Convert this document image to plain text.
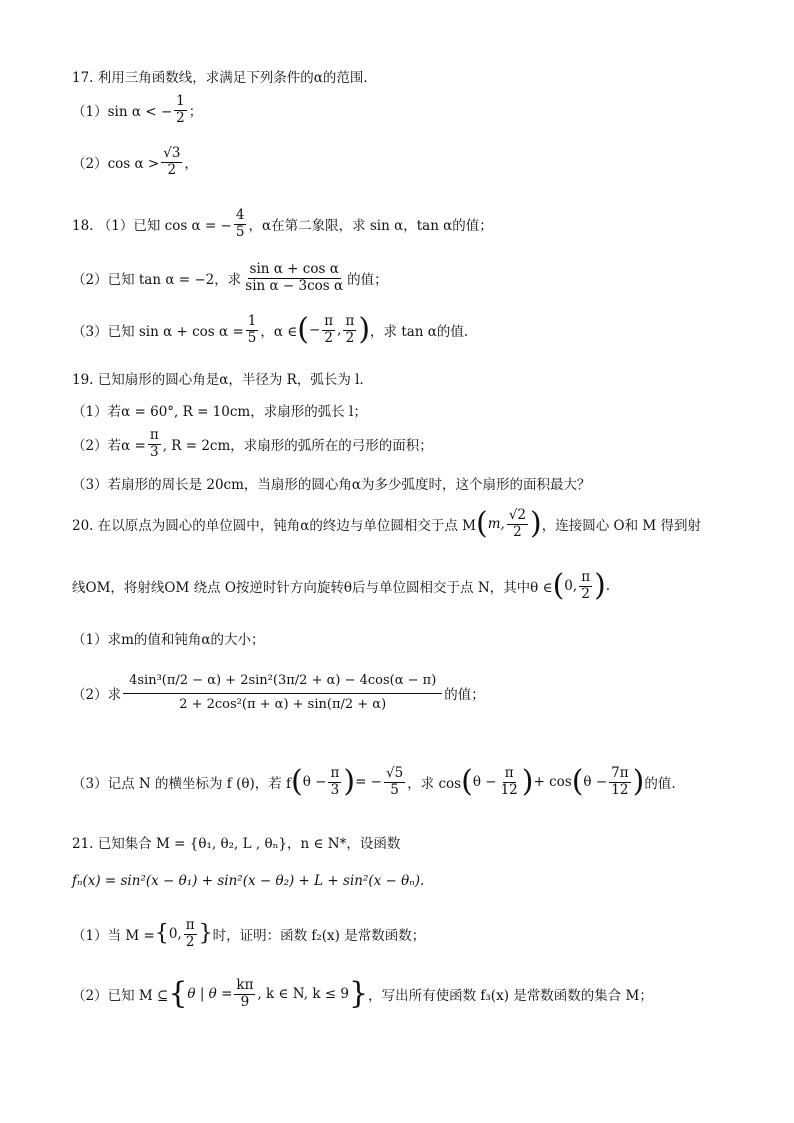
17. 利用三角函数线，求满足下列条件的α的范围．
（1）sin α < − $\frac{1}{2}$ ；
（2）cos $\alpha > \frac{√3}{2}$ ，
18. （1）已知 cos α = − $\frac{4}{5}$ ，α在第二象限，求 sin α，tan α的值；
（2）已知 tan α = −2，求 $\frac{\text{sin α + cos α}}{\text{sin α − 3cos α}}$ 的值；
（3）已知 $\sin \alpha + \cos \alpha = \frac{1}{5}$ ，α ∈ ( − $\frac{\pi}{2}$ , $\frac{\pi}{2}$ ) ，求 tan α的值.
19. 已知扇形的圆心角是α，半径为 R，弧长为 l．
（1）若α = 60°, R = 10cm，求扇形的弧长 l；
（2）若$\alpha = \frac{\pi}{3}$ , R = 2cm，求扇形的弧所在的弓形的面积；
（3）若扇形的周长是 20cm，当扇形的圆心角α为多少弧度时，这个扇形的面积最大？
20. 在以原点为圆心的单位圆中，钝角α的终边与单位圆相交于点 M ( m, $\frac{√2}{2}$ ) ，连接圆心 O和 M 得到射
线OM，将射线OM 绕点 O按逆时针方向旋转θ后与单位圆相交于点 N，其中θ ∈ ( 0, $\frac{\pi}{2}$ ) .
（1）求m的值和钝角α的大小；
（2）求 $\frac{\text{4sin³(π/2 − α) + 2sin²(3π/2 + α) − 4cos(α − π)}}{\text{2 + 2cos²(π + α) + sin(π/2 + α)}}$ 的值；
（3）记点 N 的横坐标为 f (θ)，若 f ( $\theta - \frac{\pi}{3}$ ) = − $\frac{√5}{5}$ ，求 cos ( $\theta - \frac{\pi}{12}$ ) + cos ( $\theta - \frac{7\pi}{12}$ ) 的值.
21. 已知集合 M = {θ₁, θ₂, L , θₙ}，n ∈ N*，设函数
fₙ(x) = sin²(x − θ₁) + sin²(x − θ₂) + L + sin²(x − θₙ).
（1）当 M = { 0, $\frac{\pi}{2}$ } 时，证明：函数 f₂(x) 是常数函数；
（2）已知 M ⊆ { θ | $\theta = \frac{k\pi}{9}$ , k ∈ N, k ≤ 9 } ，写出所有使函数 f₃(x) 是常数函数的集合 M；
